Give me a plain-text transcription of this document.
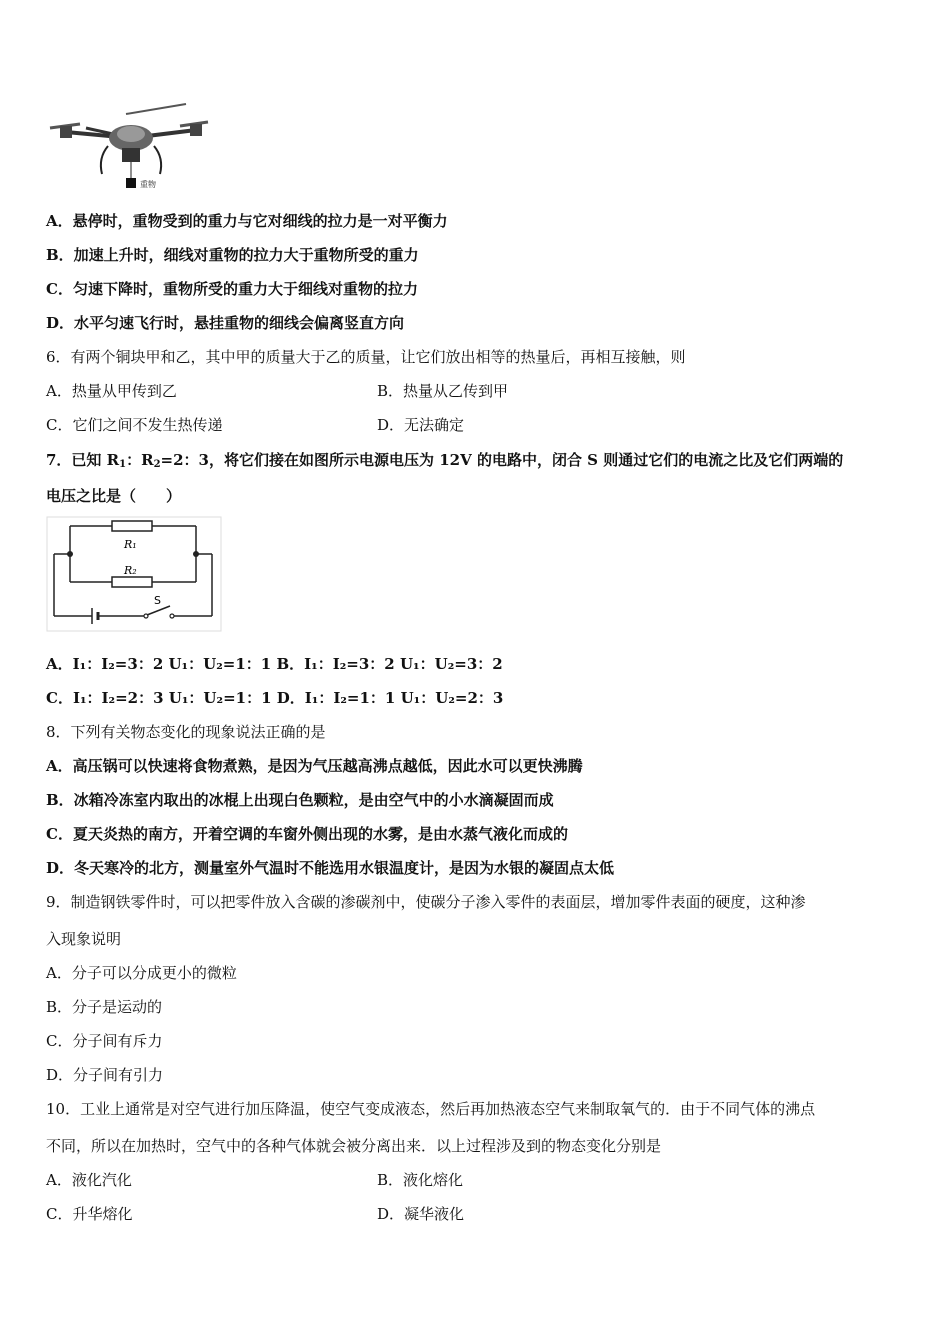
重物
A．悬停时，重物受到的重力与它对细线的拉力是一对平衡力
B．加速上升时，细线对重物的拉力大于重物所受的重力
C．匀速下降时，重物所受的重力大于细线对重物的拉力
D．水平匀速飞行时，悬挂重物的细线会偏离竖直方向
6．有两个铜块甲和乙，其中甲的质量大于乙的质量，让它们放出相等的热量后，再相互接触，则
A．热量从甲传到乙	B．热量从乙传到甲
C．它们之间不发生热传递	D．无法确定
7．已知 $R_1$：$R_2=2$：3，将它们接在如图所示电源电压为 12V 的电路中，闭合 S 则通过它们的电流之比及它们两端的
电压之比是（　　）
R₁
R₂
S
A．I₁：I₂=3：2 U₁：U₂=1：1 B．I₁：I₂=3：2 U₁：U₂=3：2
C．I₁：I₂=2：3 U₁：U₂=1：1 D．I₁：I₂=1：1 U₁：U₂=2：3
8．下列有关物态变化的现象说法正确的是
A．高压锅可以快速将食物煮熟，是因为气压越高沸点越低，因此水可以更快沸腾
B．冰箱冷冻室内取出的冰棍上出现白色颗粒，是由空气中的小水滴凝固而成
C．夏天炎热的南方，开着空调的车窗外侧出现的水雾，是由水蒸气液化而成的
D．冬天寒冷的北方，测量室外气温时不能选用水银温度计，是因为水银的凝固点太低
9．制造钢铁零件时，可以把零件放入含碳的渗碳剂中，使碳分子渗入零件的表面层，增加零件表面的硬度，这种渗
入现象说明
A．分子可以分成更小的微粒
B．分子是运动的
C．分子间有斥力
D．分子间有引力
10．工业上通常是对空气进行加压降温，使空气变成液态，然后再加热液态空气来制取氧气的．由于不同气体的沸点
不同，所以在加热时，空气中的各种气体就会被分离出来．以上过程涉及到的物态变化分别是
A．液化汽化	B．液化熔化
C．升华熔化	D．凝华液化
